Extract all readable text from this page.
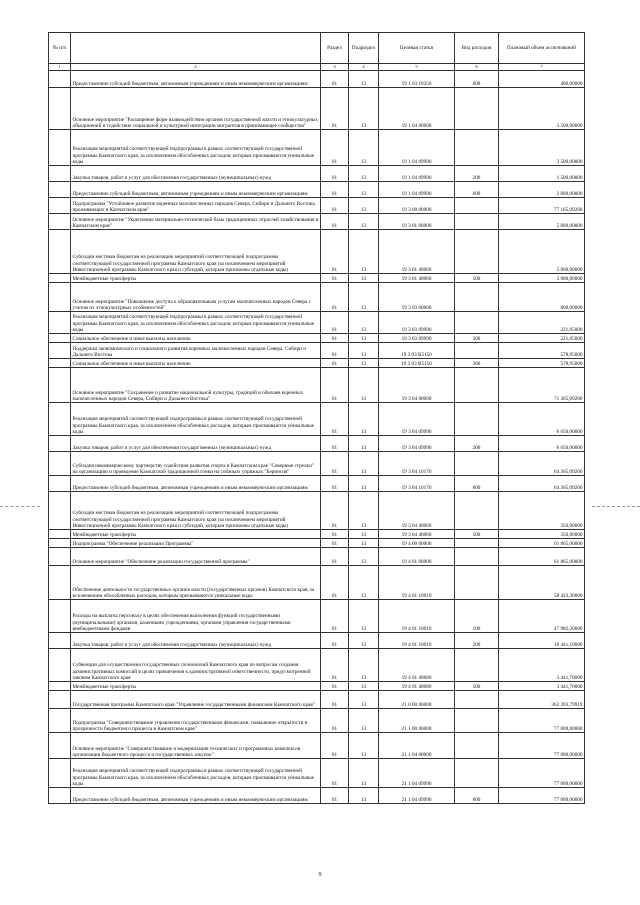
№ п/п		Раздел	Подраздел	Целевая статья	Вид расходов	Плановый объем ассигнований
1	2	3	4	5	6	7
	Предоставление субсидий бюджетным, автономным учреждениям и иным некоммерческим организациям	01	13	19 1 03 10350	600	400,00000
	Основное мероприятие "Расширение форм взаимодействия органов государственной власти и этнокультурных объединений и содействие социальной и культурной интеграции мигрантов в принимающее сообщество"	01	13	19 1 04 00000		3 500,00000
	Реализация мероприятий соответствующей подпрограммы в рамках соответствующей государственной программы Камчатского края, за исключением обособленных расходов, которым присваиваются уникальные коды	01	13	19 1 04 09990		3 500,00000
	Закупка товаров, работ и услуг для обеспечения государственных (муниципальных) нужд	01	13	19 1 04 09990	200	1 500,00000
	Предоставление субсидий бюджетным, автономным учреждениям и иным некоммерческим организациям	01	13	19 1 04 09990	600	2 000,00000
	Подпрограмма "Устойчивое развитие коренных малочисленных народов Севера, Сибири и Дальнего Востока, проживающих в Камчатском крае"	01	13	19 3 00 00000		77 165,09200
	Основное мероприятие "Укрепление материально-технической базы традиционных отраслей хозяйствования в Камчатском крае"	01	13	19 3 01 00000		5 000,00000
	Субсидии местным бюджетам на реализацию мероприятий соответствующей подпрограммы соответствующей государственной программы Камчатского края (за исключением мероприятий Инвестиционной программы Камчатского края и субсидий, которым присвоены отдельные коды)	01	13	19 3 01 40060		5 000,00000
	Межбюджетные трансферты	01	13	19 3 01 40060	500	5 000,00000
	Основное мероприятие "Повышение доступа к образовательным услугам малочисленных народов Севера с учетом их этнокультурных особенностей"	01	13	19 3 03 00000		800,00000
	Реализация мероприятий соответствующей подпрограммы в рамках соответствующей государственной программы Камчатского края, за исключением обособленных расходов, которым присваиваются уникальные коды	01	13	19 3 03 09990		221,05000
	Социальное обеспечение и иные выплаты населению	01	13	19 3 03 09990	300	221,05000
	Поддержка экономического и социального развития коренных малочисленных народов Севера, Сибири и Дальнего Востока	01	13	19 3 03 R5150		578,95000
	Социальное обеспечение и иные выплаты населению	01	13	19 3 03 R5150	300	578,95000
	Основное мероприятие "Сохранение и развитие национальной культуры, традиций и обычаев коренных малочисленных народов Севера, Сибири и Дальнего Востока"	01	13	19 3 04 00000		71 365,09200
	Реализация мероприятий соответствующей подпрограммы в рамках соответствующей государственной программы Камчатского края, за исключением обособленных расходов, которым присваиваются уникальные коды	01	13	19 3 04 09990		6 650,00000
	Закупка товаров, работ и услуг для обеспечения государственных (муниципальных) нужд	01	13	19 3 04 09990	200	6 650,00000
	Субсидия некоммерческому партнерству содействия развития спорта в Камчатском крае "Северные стрелки" на организацию и проведение Камчатской традиционной гонки на собачьих упряжках "Берингия"	01	13	19 3 04 10170		64 365,09200
	Предоставление субсидий бюджетным, автономным учреждениям и иным некоммерческим организациям	01	13	19 3 04 10170	600	64 365,09200
	Субсидии местным бюджетам на реализацию мероприятий соответствующей подпрограммы соответствующей государственной программы Камчатского края (за исключением мероприятий Инвестиционной программы Камчатского края и субсидий, которым присвоены отдельные коды)	01	13	19 3 04 40060		350,00000
	Межбюджетные трансферты	01	13	19 3 04 40060	500	350,00000
	Подпрограмма "Обеспечение реализации Программы"	01	13	19 4 00 00000		61 865,00000
	Основное мероприятие "Обеспечение реализации государственной программы"	01	13	19 4 01 00000		61 865,00000
	Обеспечение деятельности государственных органов власти (государственных органов) Камчатского края, за исключением обособленных расходов, которым присваиваются уникальные коды	01	13	19 4 01 10010		58 423,30000
	Расходы на выплаты персоналу в целях обеспечения выполнения функций государственными (муниципальными) органами, казенными учреждениями, органами управления государственными внебюджетными фондами	01	13	19 4 01 10010	100	47 982,20000
	Закупка товаров, работ и услуг для обеспечения государственных (муниципальных) нужд	01	13	19 4 01 10010	200	10 441,10000
	Субвенции для осуществления государственных полномочий Камчатского края по вопросам создания административных комиссий в целях привлечения к административной ответственности, предусмотренной законом Камчатского края	01	13	19 4 01 40080		3 441,70000
	Межбюджетные трансферты	01	13	19 4 01 40080	500	3 441,70000
	Государственная программа Камчатского края "Управление государственными финансами Камчатского края"	01	13	21 0 00 00000		362 393,79919
	Подпрограмма "Совершенствование управления государственными финансами, повышение открытости и прозрачности бюджетного процесса в Камчатском крае"	01	13	21 1 00 00000		77 000,00000
	Основное мероприятие "Совершенствование и модернизация технических и программных комплексов организации бюджетного процесса и государственных закупок"	01	13	21 1 04 00000		77 000,00000
	Реализация мероприятий соответствующей подпрограммы в рамках соответствующей государственной программы Камчатского края, за исключением обособленных расходов, которым присваиваются уникальные коды	01	13	21 1 04 09990		77 000,00000
	Предоставление субсидий бюджетным, автономным учреждениям и иным некоммерческим организациям	01	13	21 1 04 09990	600	77 000,00000
9
